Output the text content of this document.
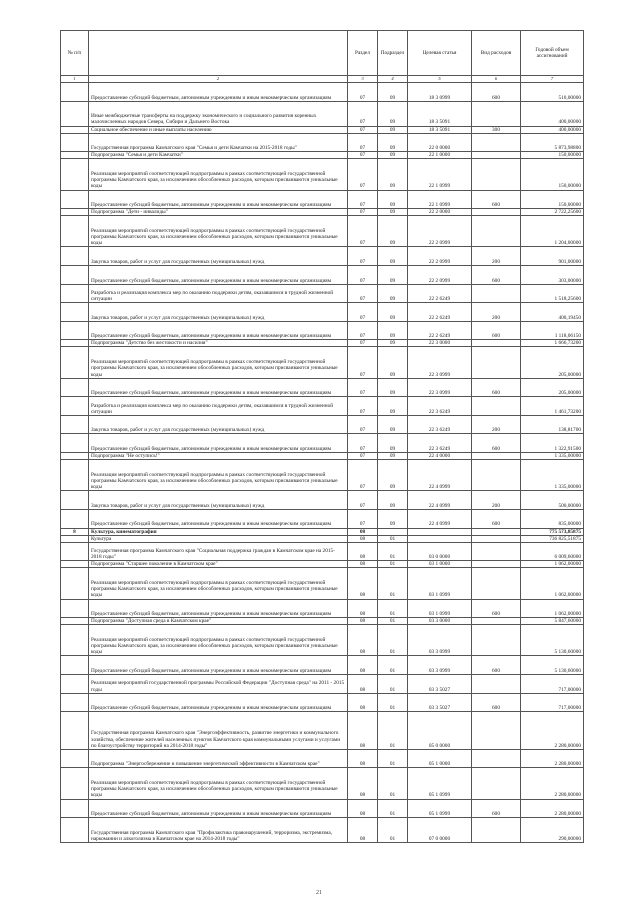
№ п/п		Раздел	Подраздел	Целевая статья	Вид расходов	Годовой объем ассигнований
1	2	3	4	5	6	7
	Предоставление субсидий бюджетным, автономным учреждениям и иным некоммерческим организациям	07	09	18 3 0999	600	510,00000
	Иные межбюджетные трансферты на поддержку экономического и социального развития коренных малочисленных народов Севера, Сибири и Дальнего Востока	07	09	18 3 5091		400,00000
	Социальное обеспечение и иные выплаты населению	07	09	18 3 5091	300	400,00000
	Государственная программа Камчатского края "Семья и дети Камчатки на 2015-2018 годы"	07	09	22 0 0000		5 873,98800
	Подпрограмма "Семья и дети Камчатки"	07	09	22 1 0000		150,00000
	Реализация мероприятий соответствующей подпрограммы в рамках соответствующей государственной программы Камчатского края, за исключением обособленных расходов, которым присваиваются уникальные коды	07	09	22 1 0999		150,00000
	Предоставление субсидий бюджетным, автономным учреждениям и иным некоммерческим организациям	07	09	22 1 0999	600	150,00000
	Подпрограмма "Дети - инвалиды"	07	09	22 2 0000		2 722,25600
	Реализация мероприятий соответствующей подпрограммы в рамках соответствующей государственной программы Камчатского края, за исключением обособленных расходов, которым присваиваются уникальные коды	07	09	22 2 0999		1 204,00000
	Закупка товаров, работ и услуг для государственных (муниципальных) нужд	07	09	22 2 0999	200	901,00000
	Предоставление субсидий бюджетным, автономным учреждениям и иным некоммерческим организациям	07	09	22 2 0999	600	303,00000
	Разработка и реализация комплекса мер по оказанию поддержки детям, оказавшимся в трудной жизненной ситуации	07	09	22 2 6249		1 518,25600
	Закупка товаров, работ и услуг для государственных (муниципальных) нужд	07	09	22 2 6249	200	400,19450
	Предоставление субсидий бюджетным, автономным учреждениям и иным некоммерческим организациям	07	09	22 2 6249	600	1 118,06150
	Подпрограмма "Детство без жестокости и насилия"	07	09	22 3 0000		1 666,73200
	Реализация мероприятий соответствующей подпрограммы в рамках соответствующей государственной программы Камчатского края, за исключением обособленных расходов, которым присваиваются уникальные коды	07	09	22 3 0999		205,00000
	Предоставление субсидий бюджетным, автономным учреждениям и иным некоммерческим организациям	07	09	22 3 0999	600	205,00000
	Разработка и реализация комплекса мер по оказанию поддержки детям, оказавшимся в трудной жизненной ситуации	07	09	22 3 6249		1 461,73200
	Закупка товаров, работ и услуг для государственных (муниципальных) нужд	07	09	22 3 6249	200	138,81700
	Предоставление субсидий бюджетным, автономным учреждениям и иным некоммерческим организациям	07	09	22 3 6249	600	1 322,91500
	Подпрограмма "Не оступись!"	07	09	22 4 0000		1 335,00000
	Реализация мероприятий соответствующей подпрограммы в рамках соответствующей государственной программы Камчатского края, за исключением обособленных расходов, которым присваиваются уникальные коды	07	09	22 4 0999		1 335,00000
	Закупка товаров, работ и услуг для государственных (муниципальных) нужд	07	09	22 4 0999	200	500,00000
	Предоставление субсидий бюджетным, автономным учреждениям и иным некоммерческим организациям	07	09	22 4 0999	600	835,00000
8	Культура, кинематография	08				775 573,85875
	Культура	08	01			736 825,51875
	Государственная программа Камчатского края "Социальная поддержка граждан в Камчатском крае на 2015-2018 годы"	08	01	03 0 0000		6 009,60000
	Подпрограмма "Старшее поколение в Камчатском крае"	08	01	03 1 0000		1 062,00000
	Реализация мероприятий соответствующей подпрограммы в рамках соответствующей государственной программы Камчатского края, за исключением обособленных расходов, которым присваиваются уникальные коды	08	01	03 1 0999		1 062,00000
	Предоставление субсидий бюджетным, автономным учреждениям и иным некоммерческим организациям	08	01	03 1 0999	600	1 062,00000
	Подпрограмма "Доступная среда в Камчатском крае"	08	01	03 3 0000		5 847,60000
	Реализация мероприятий соответствующей подпрограммы в рамках соответствующей государственной программы Камчатского края, за исключением обособленных расходов, которым присваиваются уникальные коды	08	01	03 3 0999		5 130,60000
	Предоставление субсидий бюджетным, автономным учреждениям и иным некоммерческим организациям	08	01	03 3 0999	600	5 130,60000
	Реализация мероприятий государственной программы Российской Федерации "Доступная среда" на 2011 - 2015 годы	08	01	03 3 5027		717,00000
	Предоставление субсидий бюджетным, автономным учреждениям и иным некоммерческим организациям	08	01	03 3 5027	600	717,00000
	Государственная программа Камчатского края "Энергоэффективность, развитие энергетики и коммунального хозяйства, обеспечение жителей населенных пунктов Камчатского края коммунальными услугами и услугами по благоустройству территорий на 2014-2018 годы"	08	01	05 0 0000		2 280,00000
	Подпрограмма "Энергосбережение и повышение энергетической эффективности в Камчатском крае"	08	01	05 1 0000		2 280,00000
	Реализация мероприятий соответствующей подпрограммы в рамках соответствующей государственной программы Камчатского края, за исключением обособленных расходов, которым присваиваются уникальные коды	08	01	05 1 0999		2 280,00000
	Предоставление субсидий бюджетным, автономным учреждениям и иным некоммерческим организациям	08	01	05 1 0999	600	2 280,00000
	Государственная программа Камчатского края "Профилактика правонарушений, терроризма, экстремизма, наркомании и алкоголизма в Камчатском крае на 2014-2018 годы"	08	01	07 0 0000		290,00000
21
